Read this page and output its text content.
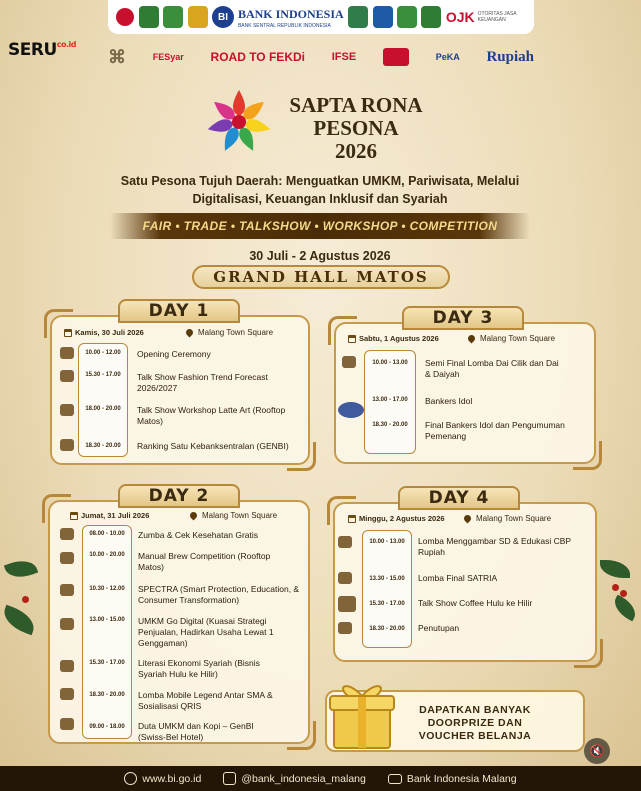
BI BANK INDONESIA
BANK SENTRAL REPUBLIK INDONESIA
OJK OTORITAS JASA KEUANGAN
$SERU^{co.id}$
⌘	FESyar ROAD TO FEKDi IFSE	PeKA Rupiah
SAPTA RONA
PESONA
2026
Satu Pesona Tujuh Daerah: Menguatkan UMKM, Pariwisata, Melalui Digitalisasi, Keuangan Inklusif dan Syariah
FAIR • TRADE • TALKSHOW • WORKSHOP • COMPETITION
30 Juli - 2 Agustus 2026
GRAND HALL MATOS
DAY 1
Kamis, 30 Juli 2026	Malang Town Square
10.00 - 12.00	Opening Ceremony
15.30 - 17.00	Talk Show Fashion Trend Forecast 2026/2027
18.00 - 20.00	Talk Show Workshop Latte Art (Rooftop Matos)
18.30 - 20.00	Ranking Satu Kebanksentralan (GENBI)
DAY 3
Sabtu, 1 Agustus 2026	Malang Town Square
10.00 - 13.00	Semi Final Lomba Dai Cilik dan Dai & Daiyah
13.00 - 17.00	Bankers Idol
18.30 - 20.00	Final Bankers Idol dan Pengumuman Pemenang
DAY 2
Jumat, 31 Juli 2026	Malang Town Square
08.00 - 10.00	Zumba & Cek Kesehatan Gratis
10.00 - 20.00	Manual Brew Competition (Rooftop Matos)
10.30 - 12.00	SPECTRA (Smart Protection, Education, & Consumer Transformation)
13.00 - 15.00	UMKM Go Digital (Kuasai Strategi Penjualan, Hadirkan Usaha Lewat 1 Genggaman)
15.30 - 17.00	Literasi Ekonomi Syariah (Bisnis Syariah Hulu ke Hilir)
18.30 - 20.00	Lomba Mobile Legend Antar SMA & Sosialisasi QRIS
09.00 - 18.00	Duta UMKM dan Kopi – GenBI (Swiss-Bel Hotel)
DAY 4
Minggu, 2 Agustus 2026	Malang Town Square
10.00 - 13.00	Lomba Menggambar SD & Edukasi CBP Rupiah
13.30 - 15.00	Lomba Final SATRIA
15.30 - 17.00	Talk Show Coffee Hulu ke Hilir
18.30 - 20.00	Penutupan
DAPATKAN BANYAK DOORPRIZE DAN VOUCHER BELANJA
🔇
www.bi.go.id	@bank_indonesia_malang	Bank Indonesia Malang
